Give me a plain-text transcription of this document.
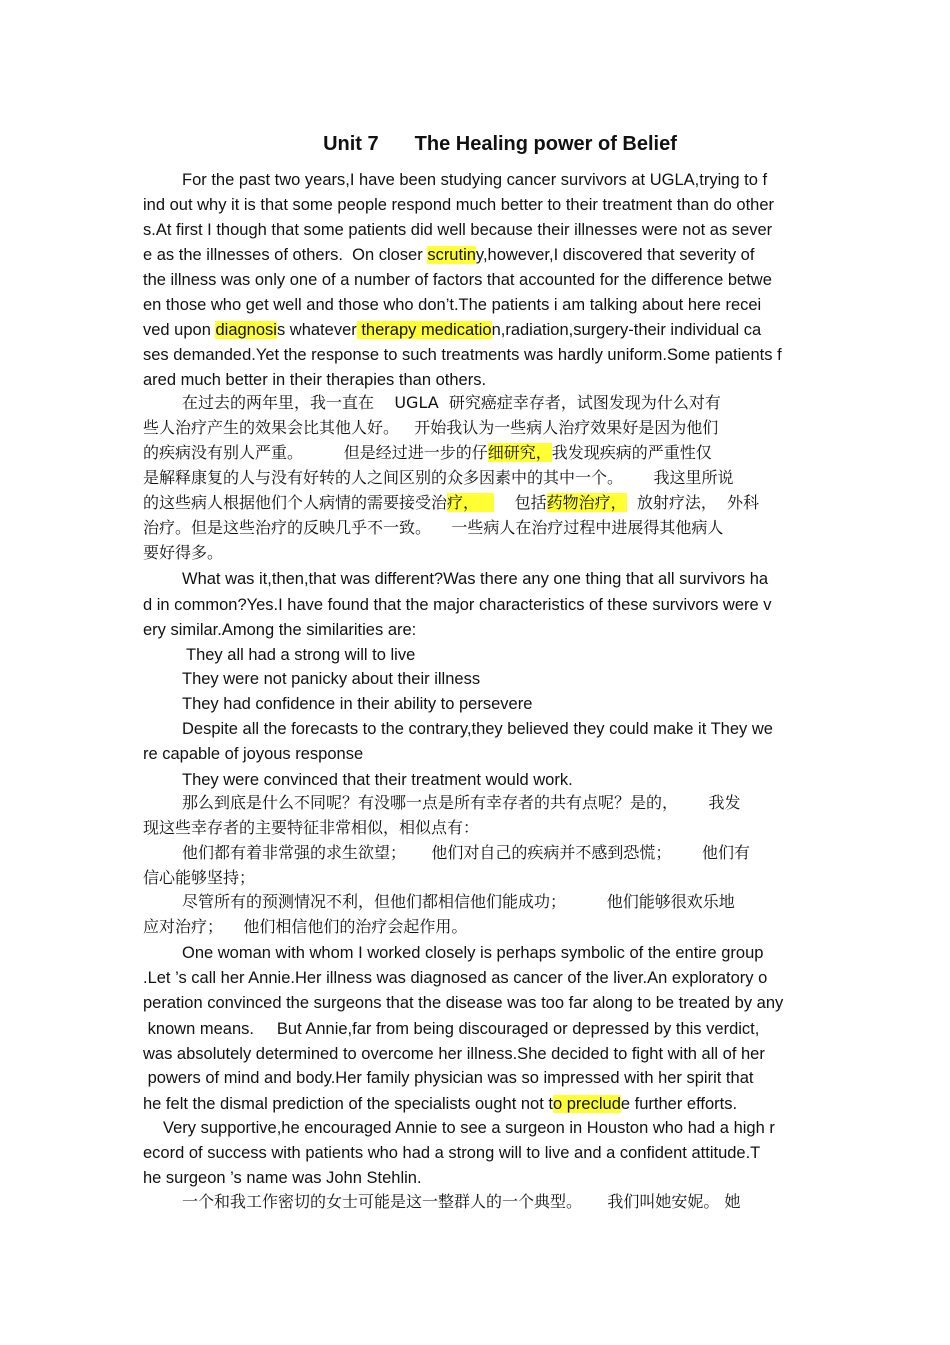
Unit 7 The Healing power of Belief
For the past two years,I have been studying cancer survivors at UGLA,trying to f
ind out why it is that some people respond much better to their treatment than do other
s.At first I though that some patients did well because their illnesses were not as sever
e as the illnesses of others.  On closer scrutiny,however,I discovered that severity of
the illness was only one of a number of factors that accounted for the difference betwe
en those who get well and those who don’t.The patients i am talking about here recei
ved upon diagnosis whatever therapy medication,radiation,surgery-their individual ca
ses demanded.Yet the response to such treatments was hardly uniform.Some patients f
ared much better in their therapies than others.
在过去的两年里，我一直在    UGLA  研究癌症幸存者，试图发现为什么对有
些人治疗产生的效果会比其他人好。   开始我认为一些病人治疗效果好是因为他们
的疾病没有别人严重。        但是经过进一步的仔细研究，我发现疾病的严重性仅
是解释康复的人与没有好转的人之间区别的众多因素中的其中一个。      我这里所说
的这些病人根据他们个人病情的需要接受治疗，       包括药物治疗，  放射疗法，  外科
治疗。但是这些治疗的反映几乎不一致。    一些病人在治疗过程中进展得其他病人
要好得多。
What was it,then,that was different?Was there any one thing that all survivors ha
d in common?Yes.I have found that the major characteristics of these survivors were v
ery similar.Among the similarities are:
They all had a strong will to live
They were not panicky about their illness
They had confidence in their ability to persevere
Despite all the forecasts to the contrary,they believed they could make it They we
re capable of joyous response
They were convinced that their treatment would work.
那么到底是什么不同呢？有没哪一点是所有幸存者的共有点呢？是的，      我发
现这些幸存者的主要特征非常相似，相似点有：
他们都有着非常强的求生欲望；     他们对自己的疾病并不感到恐慌；      他们有
信心能够坚持；
尽管所有的预测情况不利，但他们都相信他们能成功；        他们能够很欢乐地
应对治疗；    他们相信他们的治疗会起作用。
One woman with whom I worked closely is perhaps symbolic of the entire group
.Let ’s call her Annie.Her illness was diagnosed as cancer of the liver.An exploratory o
peration convinced the surgeons that the disease was too far along to be treated by any
known means.     But Annie,far from being discouraged or depressed by this verdict,
was absolutely determined to overcome her illness.She decided to fight with all of her
powers of mind and body.Her family physician was so impressed with her spirit that
he felt the dismal prediction of the specialists ought not to preclude further efforts.
Very supportive,he encouraged Annie to see a surgeon in Houston who had a high r
ecord of success with patients who had a strong will to live and a confident attitude.T
he surgeon ’s name was John Stehlin.
一个和我工作密切的女士可能是这一整群人的一个典型。     我们叫她安妮。 她
